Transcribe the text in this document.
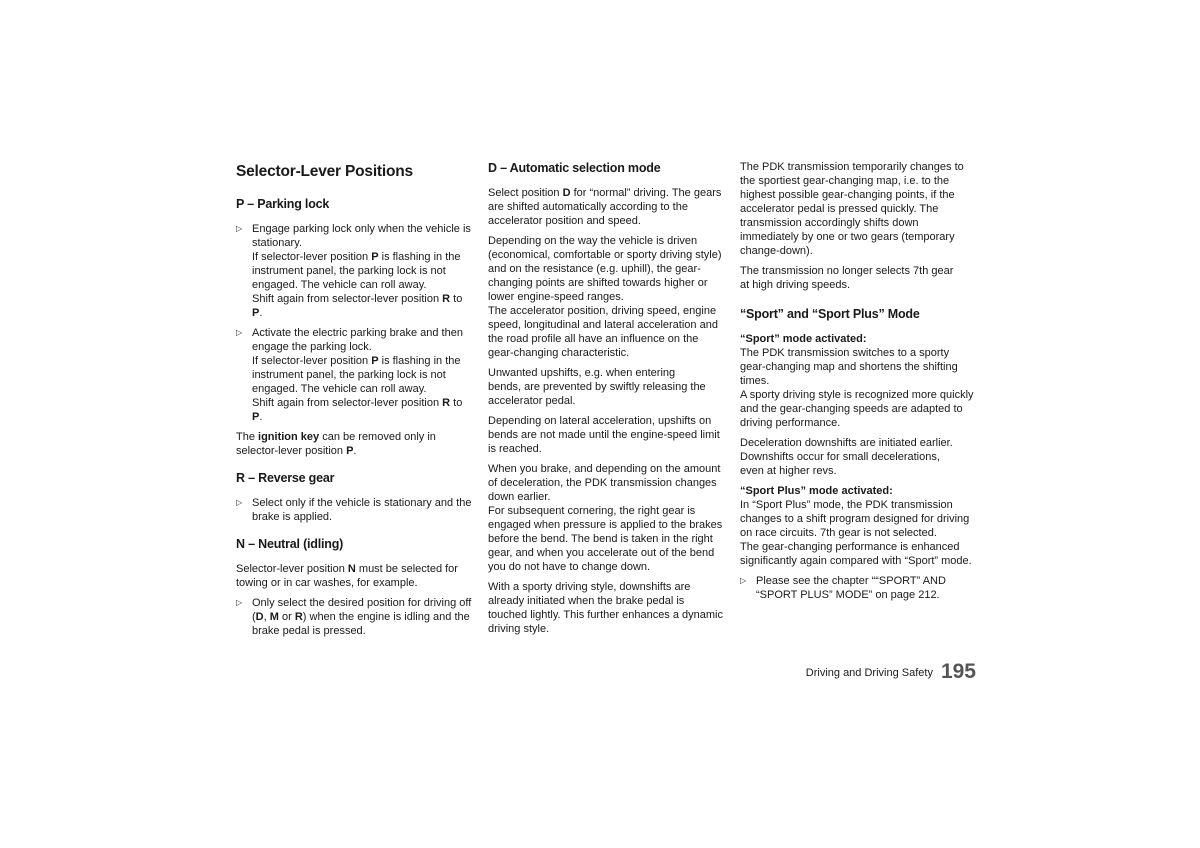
Selector-Lever Positions
P – Parking lock
▷ Engage parking lock only when the vehicle is stationary.
If selector-lever position P is flashing in the instrument panel, the parking lock is not engaged. The vehicle can roll away.
Shift again from selector-lever position R to P.
▷ Activate the electric parking brake and then engage the parking lock.
If selector-lever position P is flashing in the instrument panel, the parking lock is not engaged. The vehicle can roll away.
Shift again from selector-lever position R to P.

The ignition key can be removed only in selector-lever position P.

R – Reverse gear
▷ Select only if the vehicle is stationary and the brake is applied.
N – Neutral (idling)

Selector-lever position N must be selected for towing or in car washes, for example.

▷ Only select the desired position for driving off (D, M or R) when the engine is idling and the brake pedal is pressed.
D – Automatic selection mode

Select position D for “normal” driving. The gears are shifted automatically according to the accelerator position and speed.

Depending on the way the vehicle is driven (economical, comfortable or sporty driving style) and on the resistance (e.g. uphill), the gear-changing points are shifted towards higher or lower engine-speed ranges.
The accelerator position, driving speed, engine speed, longitudinal and lateral acceleration and the road profile all have an influence on the gear-changing characteristic.

Unwanted upshifts, e.g. when entering
bends, are prevented by swiftly releasing the accelerator pedal.

Depending on lateral acceleration, upshifts on bends are not made until the engine-speed limit is reached.

When you brake, and depending on the amount of deceleration, the PDK transmission changes down earlier.
For subsequent cornering, the right gear is engaged when pressure is applied to the brakes before the bend. The bend is taken in the right gear, and when you accelerate out of the bend you do not have to change down.

With a sporty driving style, downshifts are already initiated when the brake pedal is touched lightly. This further enhances a dynamic driving style.

The PDK transmission temporarily changes to the sportiest gear-changing map, i.e. to the highest possible gear-changing points, if the accelerator pedal is pressed quickly. The transmission accordingly shifts down immediately by one or two gears (temporary change-down).

The transmission no longer selects 7th gear
at high driving speeds.

“Sport” and “Sport Plus” Mode
“Sport” mode activated:

The PDK transmission switches to a sporty gear-changing map and shortens the shifting times.
A sporty driving style is recognized more quickly and the gear-changing speeds are adapted to driving performance.

Deceleration downshifts are initiated earlier.
Downshifts occur for small decelerations,
even at higher revs.

“Sport Plus” mode activated:

In “Sport Plus” mode, the PDK transmission changes to a shift program designed for driving on race circuits. 7th gear is not selected.
The gear-changing performance is enhanced significantly again compared with “Sport” mode.

▷ Please see the chapter ““SPORT” AND “SPORT PLUS” MODE” on page 212.
Driving and Driving Safety 195
